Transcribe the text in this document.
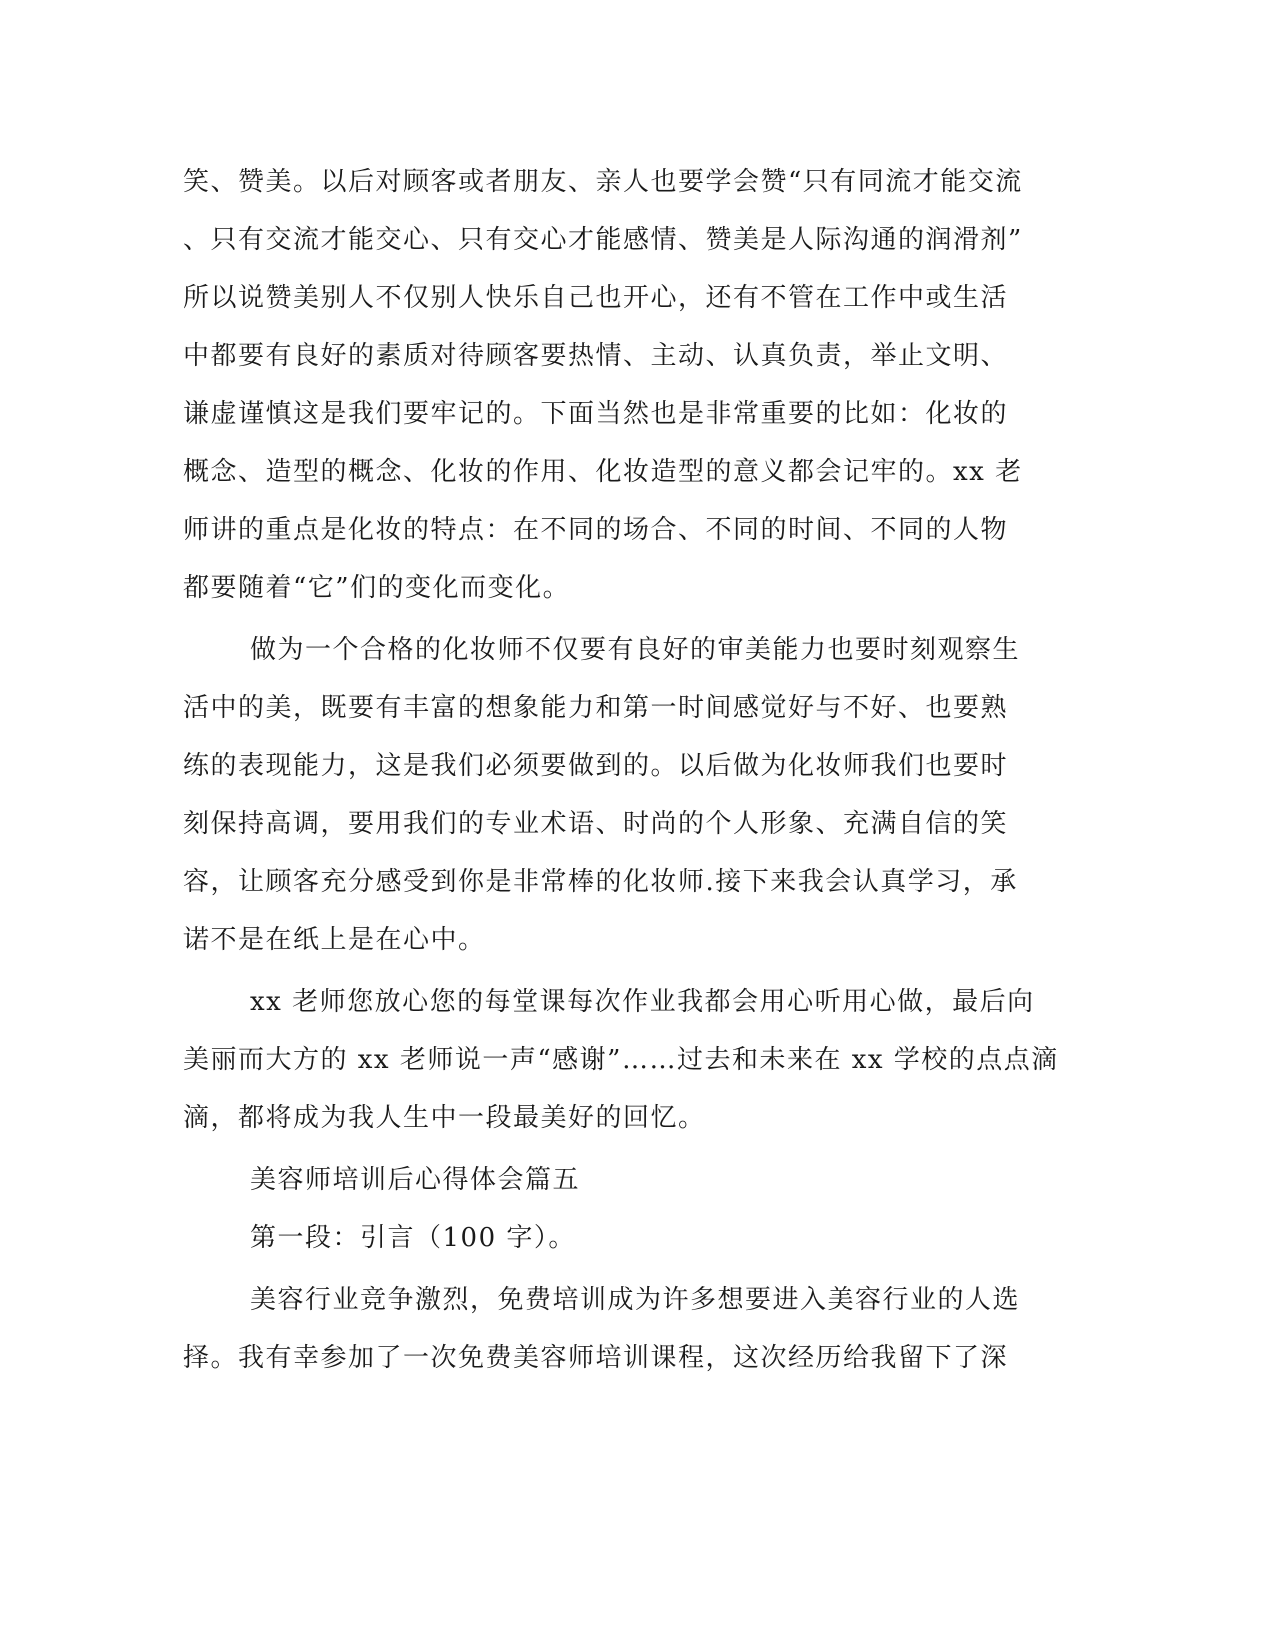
笑、赞美。以后对顾客或者朋友、亲人也要学会赞“只有同流才能交流
、只有交流才能交心、只有交心才能感情、赞美是人际沟通的润滑剂”
所以说赞美别人不仅别人快乐自己也开心，还有不管在工作中或生活
中都要有良好的素质对待顾客要热情、主动、认真负责，举止文明、
谦虚谨慎这是我们要牢记的。下面当然也是非常重要的比如：化妆的
概念、造型的概念、化妆的作用、化妆造型的意义都会记牢的。xx 老
师讲的重点是化妆的特点：在不同的场合、不同的时间、不同的人物
都要随着“它”们的变化而变化。
做为一个合格的化妆师不仅要有良好的审美能力也要时刻观察生
活中的美，既要有丰富的想象能力和第一时间感觉好与不好、也要熟
练的表现能力，这是我们必须要做到的。以后做为化妆师我们也要时
刻保持高调，要用我们的专业术语、时尚的个人形象、充满自信的笑
容，让顾客充分感受到你是非常棒的化妆师.接下来我会认真学习，承
诺不是在纸上是在心中。
xx 老师您放心您的每堂课每次作业我都会用心听用心做，最后向
美丽而大方的 xx 老师说一声“感谢”……过去和未来在 xx 学校的点点滴
滴，都将成为我人生中一段最美好的回忆。
美容师培训后心得体会篇五
第一段：引言（100 字）。
美容行业竞争激烈，免费培训成为许多想要进入美容行业的人选
择。我有幸参加了一次免费美容师培训课程，这次经历给我留下了深
